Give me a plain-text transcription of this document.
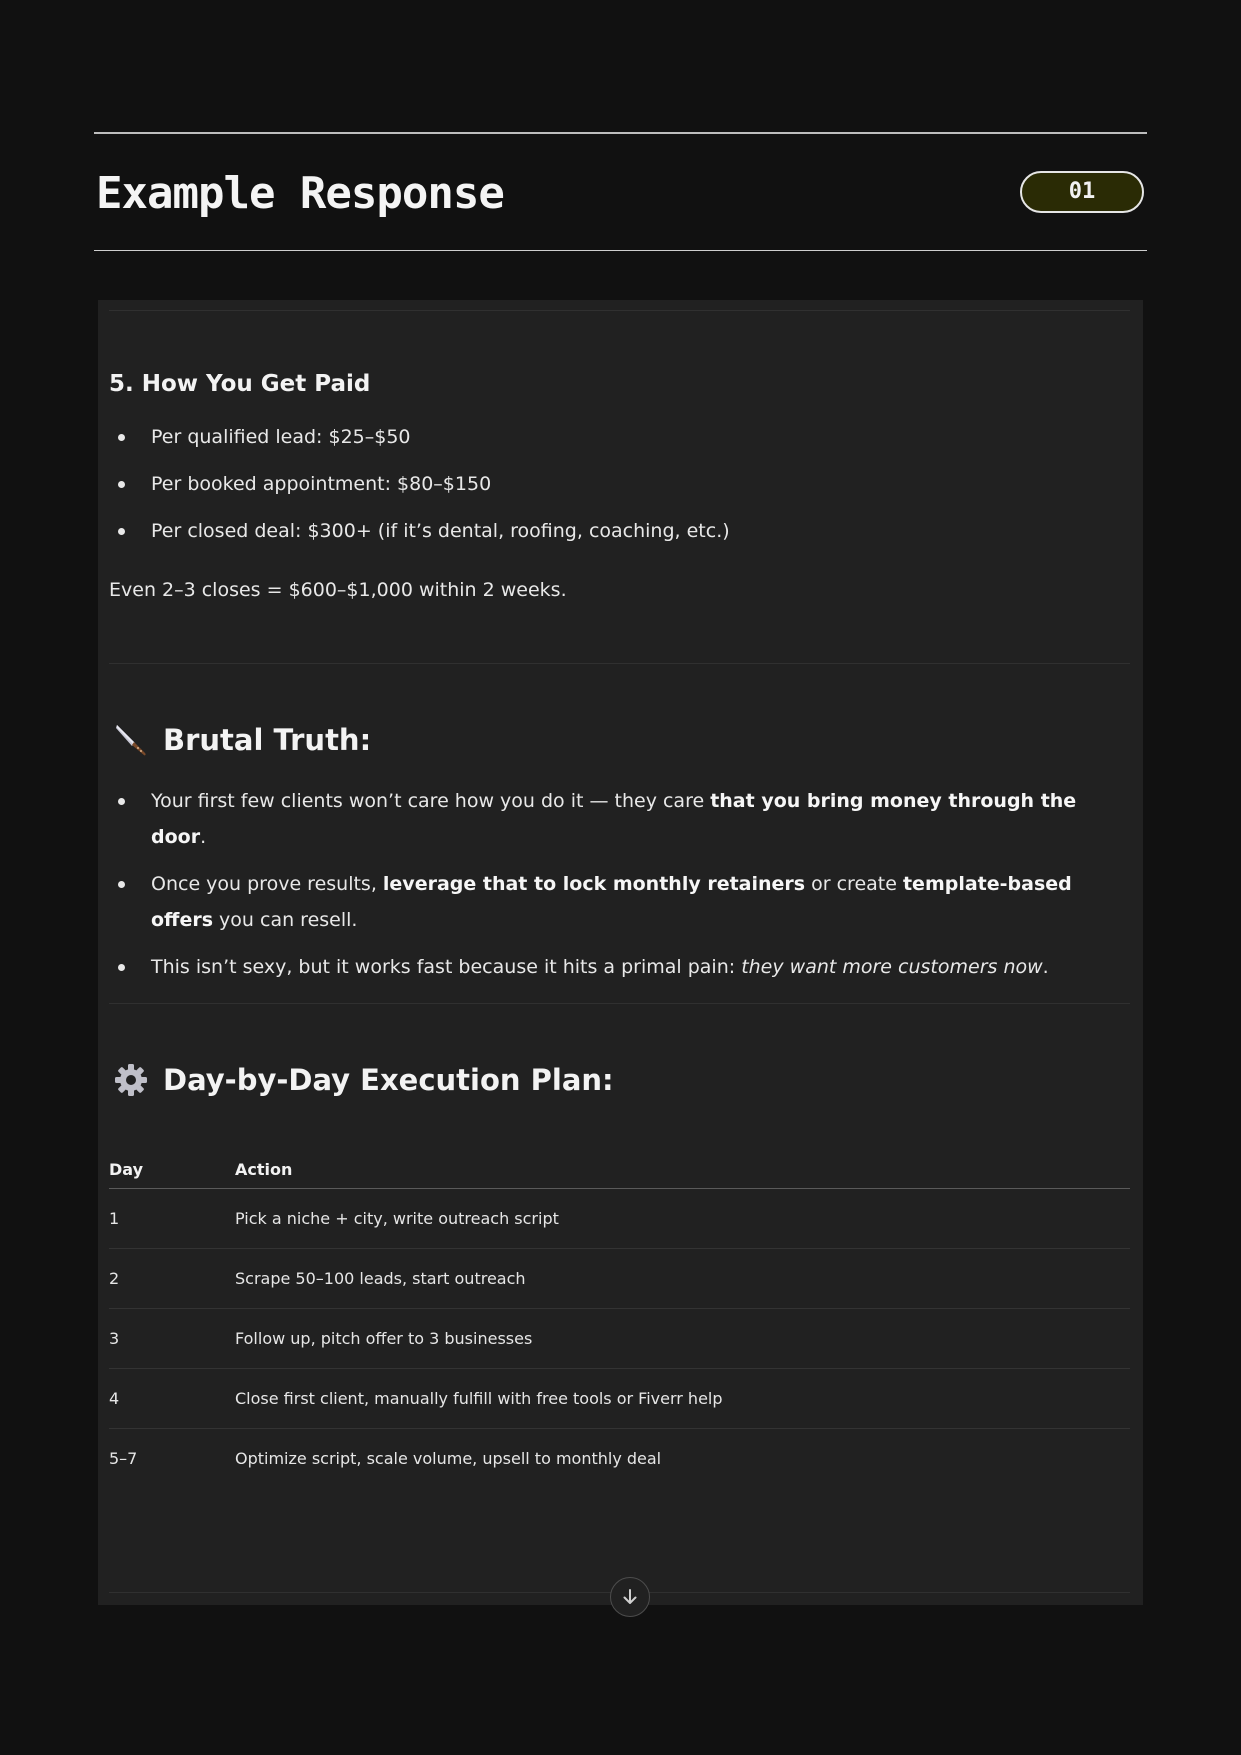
Example Response	01
5. How You Get Paid
Per qualified lead: $25–$50
Per booked appointment: $80–$150
Per closed deal: $300+ (if it’s dental, roofing, coaching, etc.)

Even 2–3 closes = $600–$1,000 within 2 weeks.

Brutal Truth:
Your first few clients won’t care how you do it — they care that you bring money through the door.
Once you prove results, leverage that to lock monthly retainers or create template-based offers you can resell.
This isn’t sexy, but it works fast because it hits a primal pain: they want more customers now.
Day-by-Day Execution Plan:
Day	Action
1	Pick a niche + city, write outreach script
2	Scrape 50–100 leads, start outreach
3	Follow up, pitch offer to 3 businesses
4	Close first client, manually fulfill with free tools or Fiverr help
5–7	Optimize script, scale volume, upsell to monthly deal
